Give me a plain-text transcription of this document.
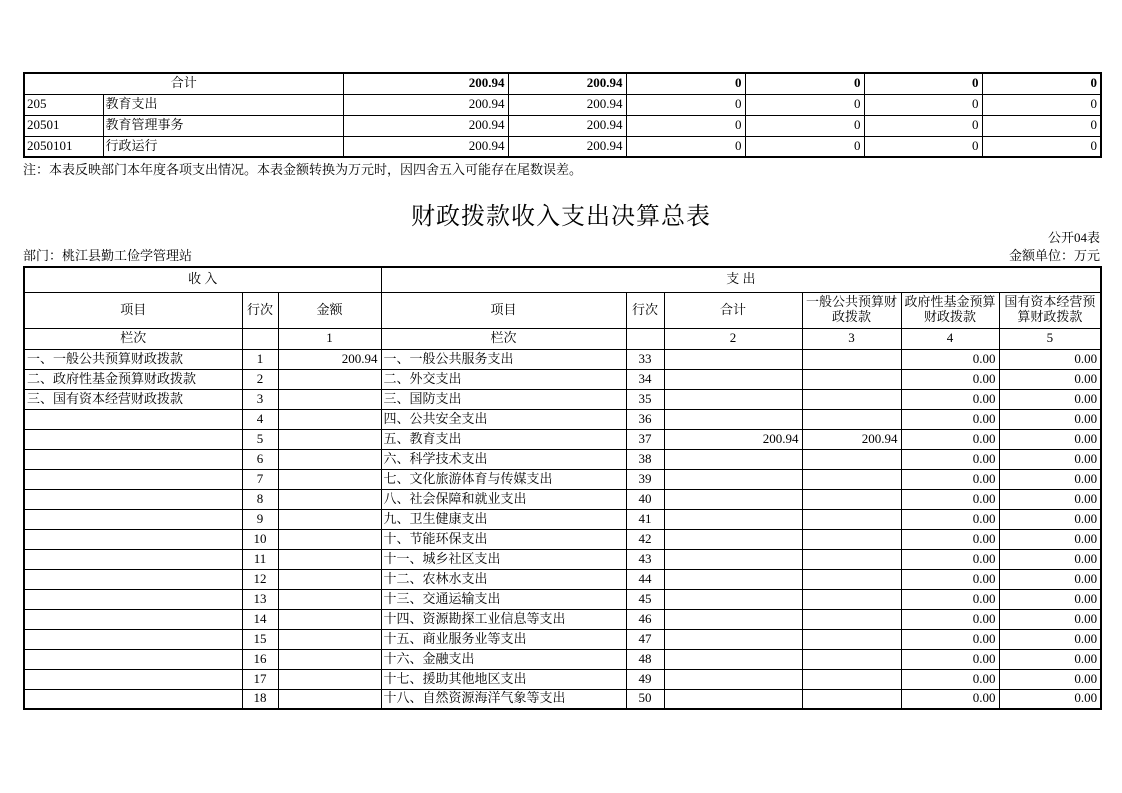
合计		200.94	200.94	0	0	0	0
205	教育支出	200.94	200.94	0	0	0	0
20501	教育管理事务	200.94	200.94	0	0	0	0
2050101	行政运行	200.94	200.94	0	0	0	0
注：本表反映部门本年度各项支出情况。本表金额转换为万元时，因四舍五入可能存在尾数误差。
财政拨款收入支出决算总表
公开04表
部门：桃江县勤工俭学管理站	金额单位：万元
收 入			支 出					
项目	行次	金额	项目	行次	合计	一般公共预算财政拨款	政府性基金预算财政拨款	国有资本经营预算财政拨款
栏次		1	栏次		2	3	4	5
一、一般公共预算财政拨款	1	200.94	一、一般公共服务支出	33			0.00	0.00
二、政府性基金预算财政拨款	2		二、外交支出	34			0.00	0.00
三、国有资本经营财政拨款	3		三、国防支出	35			0.00	0.00
	4		四、公共安全支出	36			0.00	0.00
	5		五、教育支出	37	200.94	200.94	0.00	0.00
	6		六、科学技术支出	38			0.00	0.00
	7		七、文化旅游体育与传媒支出	39			0.00	0.00
	8		八、社会保障和就业支出	40			0.00	0.00
	9		九、卫生健康支出	41			0.00	0.00
	10		十、节能环保支出	42			0.00	0.00
	11		十一、城乡社区支出	43			0.00	0.00
	12		十二、农林水支出	44			0.00	0.00
	13		十三、交通运输支出	45			0.00	0.00
	14		十四、资源勘探工业信息等支出	46			0.00	0.00
	15		十五、商业服务业等支出	47			0.00	0.00
	16		十六、金融支出	48			0.00	0.00
	17		十七、援助其他地区支出	49			0.00	0.00
	18		十八、自然资源海洋气象等支出	50			0.00	0.00
